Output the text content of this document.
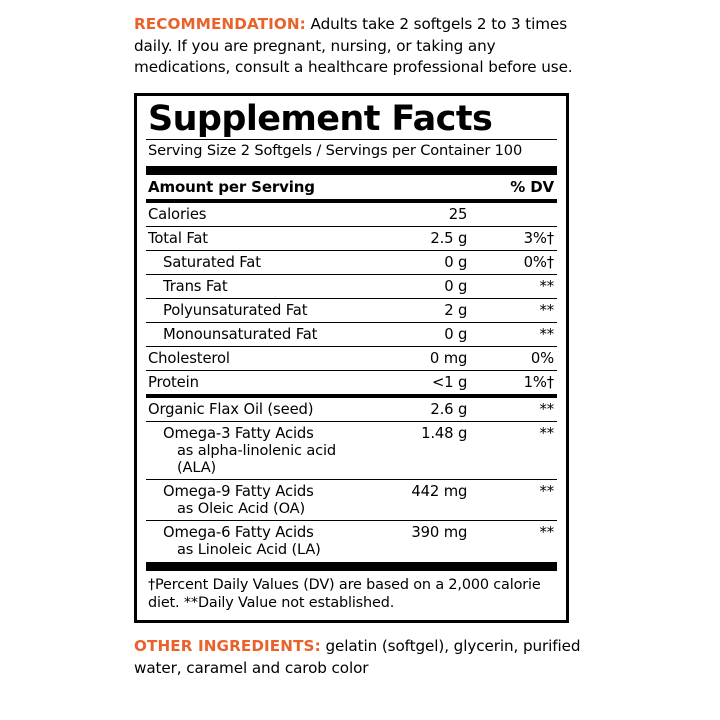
RECOMMENDATION: Adults take 2 softgels 2 to 3 times daily. If you are pregnant, nursing, or taking any medications, consult a healthcare professional before use.

Supplement Facts
Serving Size 2 Softgels / Servings per Container 100
Amount per Serving		% DV
Calories	25	
Total Fat	2.5 g	3%†
Saturated Fat	0 g	0%†
Trans Fat	0 g	**
Polyunsaturated Fat	2 g	**
Monounsaturated Fat	0 g	**
Cholesterol	0 mg	0%
Protein	<1 g	1%†
Organic Flax Oil (seed)	2.6 g	**
Omega-3 Fatty Acids
as alpha-linolenic acid (ALA)	1.48 g	**
Omega-9 Fatty Acids
as Oleic Acid (OA)	442 mg	**
Omega-6 Fatty Acids
as Linoleic Acid (LA)	390 mg	**
†Percent Daily Values (DV) are based on a 2,000 calorie diet. **Daily Value not established.

OTHER INGREDIENTS: gelatin (softgel), glycerin, purified water, caramel and carob color
